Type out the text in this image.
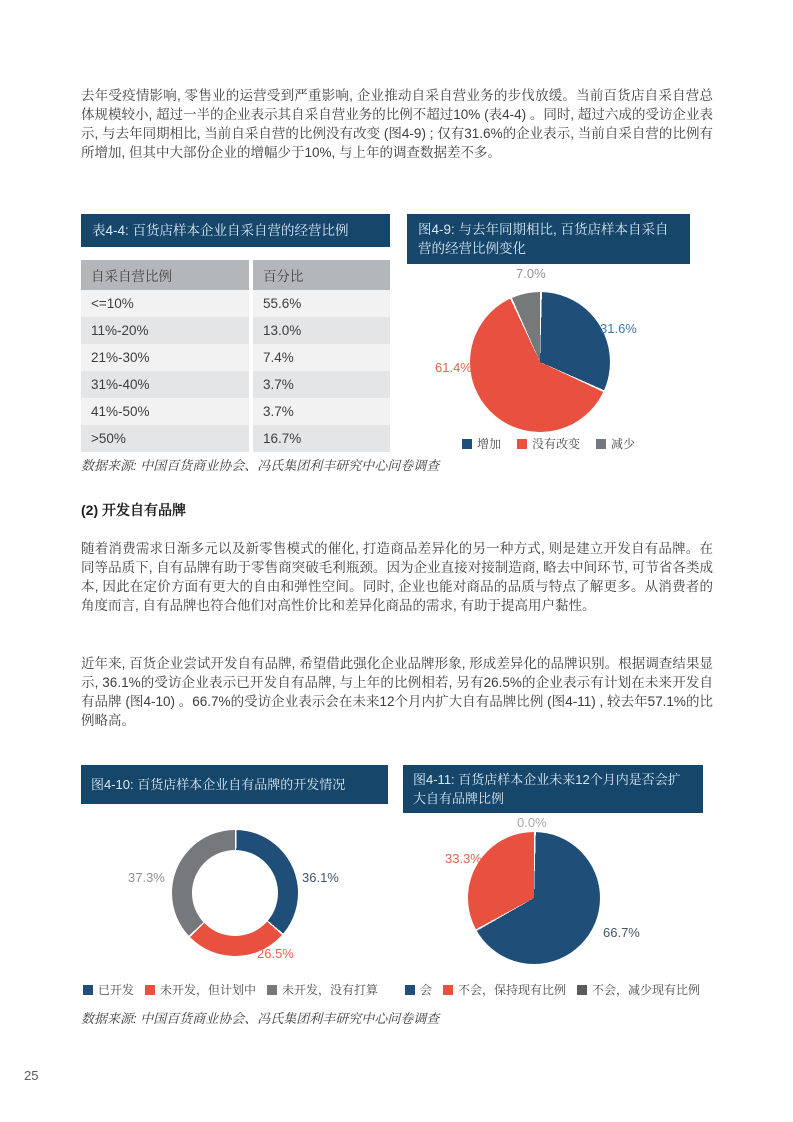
去年受疫情影响, 零售业的运营受到严重影响, 企业推动自采自营业务的步伐放缓。当前百货店自采自营总体规模较小, 超过一半的企业表示其自采自营业务的比例不超过10% (表4-4) 。同时, 超过六成的受访企业表示, 与去年同期相比, 当前自采自营的比例没有改变 (图4-9) ; 仅有31.6%的企业表示, 当前自采自营的比例有所增加, 但其中大部份企业的增幅少于10%, 与上年的调查数据差不多。

表4-4: 百货店样本企业自采自营的经营比例
自采自营比例	百分比
<=10%	55.6%
11%-20%	13.0%
21%-30%	7.4%
31%-40%	3.7%
41%-50%	3.7%
>50%	16.7%
图4-9: 与去年同期相比, 百货店样本自采自营的经营比例变化
7.0%
31.6%
61.4%
增加	没有改变	减少

数据来源: 中国百货商业协会、冯氏集团利丰研究中心问卷调查

(2) 开发自有品牌

随着消费需求日渐多元以及新零售模式的催化, 打造商品差异化的另一种方式, 则是建立开发自有品牌。在同等品质下, 自有品牌有助于零售商突破毛利瓶颈。因为企业直接对接制造商, 略去中间环节, 可节省各类成本, 因此在定价方面有更大的自由和弹性空间。同时, 企业也能对商品的品质与特点了解更多。从消费者的角度而言, 自有品牌也符合他们对高性价比和差异化商品的需求, 有助于提高用户黏性。

近年来, 百货企业尝试开发自有品牌, 希望借此强化企业品牌形象, 形成差异化的品牌识别。根据调查结果显示, 36.1%的受访企业表示已开发自有品牌, 与上年的比例相若, 另有26.5%的企业表示有计划在未来开发自有品牌 (图4-10) 。66.7%的受访企业表示会在未来12个月内扩大自有品牌比例 (图4-11) , 较去年57.1%的比例略高。

图4-10: 百货店样本企业自有品牌的开发情况
37.3%	36.1%
26.5%
已开发 未开发，但计划中 未开发，没有打算
图4-11: 百货店样本企业未来12个月内是否会扩大自有品牌比例
0.0%
33.3%
66.7%
会 不会，保持现有比例 不会，减少现有比例

数据来源: 中国百货商业协会、冯氏集团利丰研究中心问卷调查

25
